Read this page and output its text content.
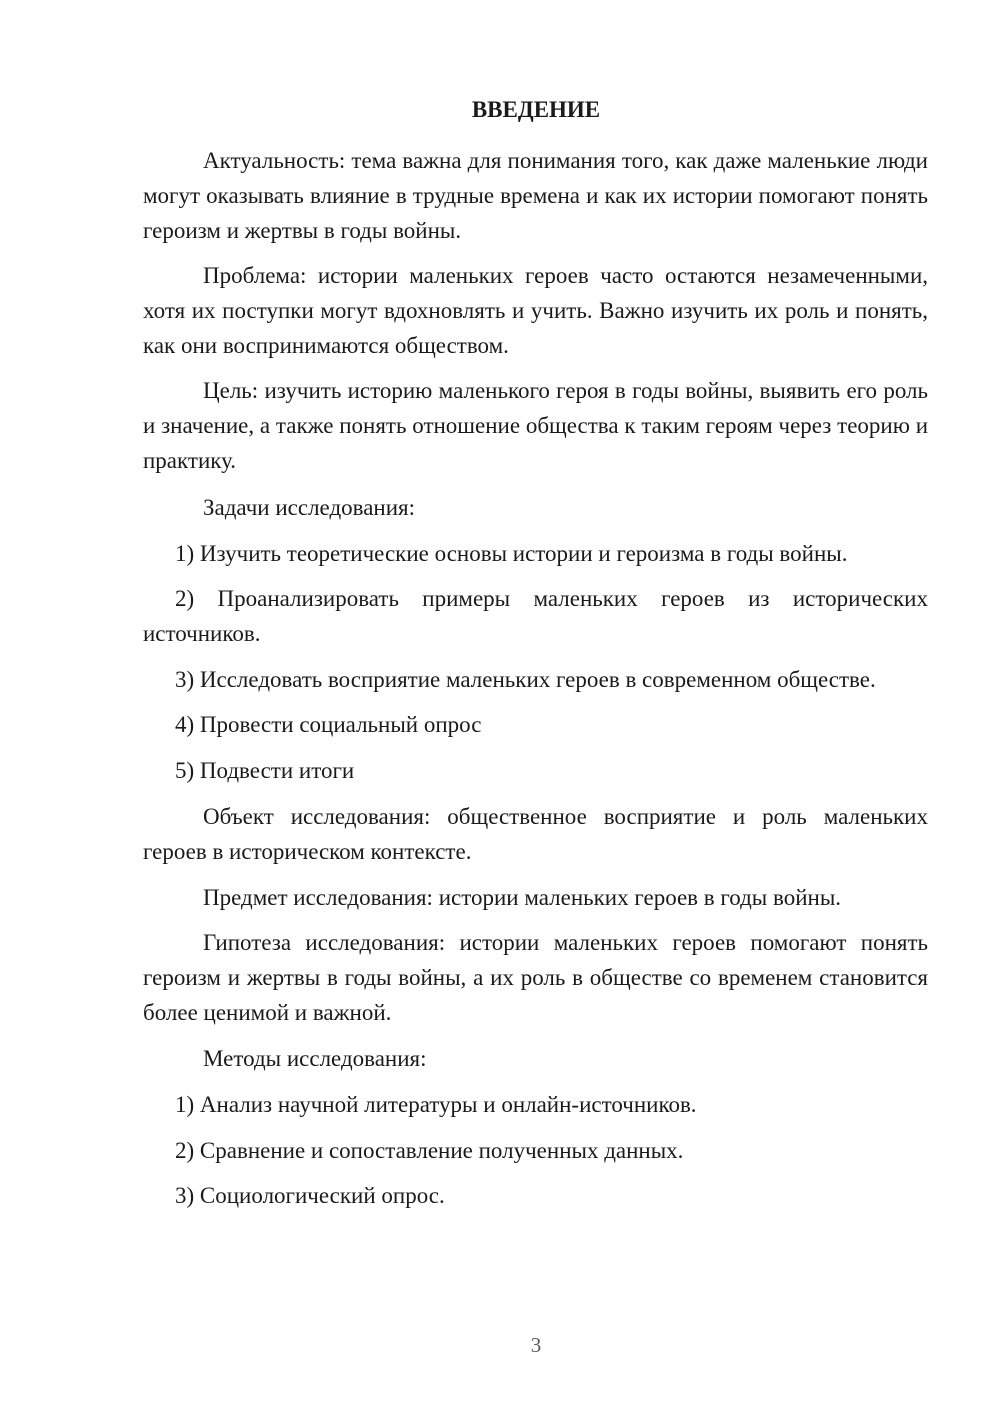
ВВЕДЕНИЕ

Актуальность: тема важна для понимания того, как даже маленькие люди могут оказывать влияние в трудные времена и как их истории помогают понять героизм и жертвы в годы войны.

Проблема: истории маленьких героев часто остаются незамеченными, хотя их поступки могут вдохновлять и учить. Важно изучить их роль и понять, как они воспринимаются обществом.

Цель: изучить историю маленького героя в годы войны, выявить его роль и значение, а также понять отношение общества к таким героям через теорию и практику.

Задачи исследования:

1) Изучить теоретические основы истории и героизма в годы войны.

2) Проанализировать примеры маленьких героев из исторических источников.

3) Исследовать восприятие маленьких героев в современном обществе.

4) Провести социальный опрос

5) Подвести итоги

Объект исследования: общественное восприятие и роль маленьких героев в историческом контексте.

Предмет исследования: истории маленьких героев в годы войны.

Гипотеза исследования: истории маленьких героев помогают понять героизм и жертвы в годы войны, а их роль в обществе со временем становится более ценимой и важной.

Методы исследования:

1) Анализ научной литературы и онлайн-источников.

2) Сравнение и сопоставление полученных данных.

3) Социологический опрос.

3
